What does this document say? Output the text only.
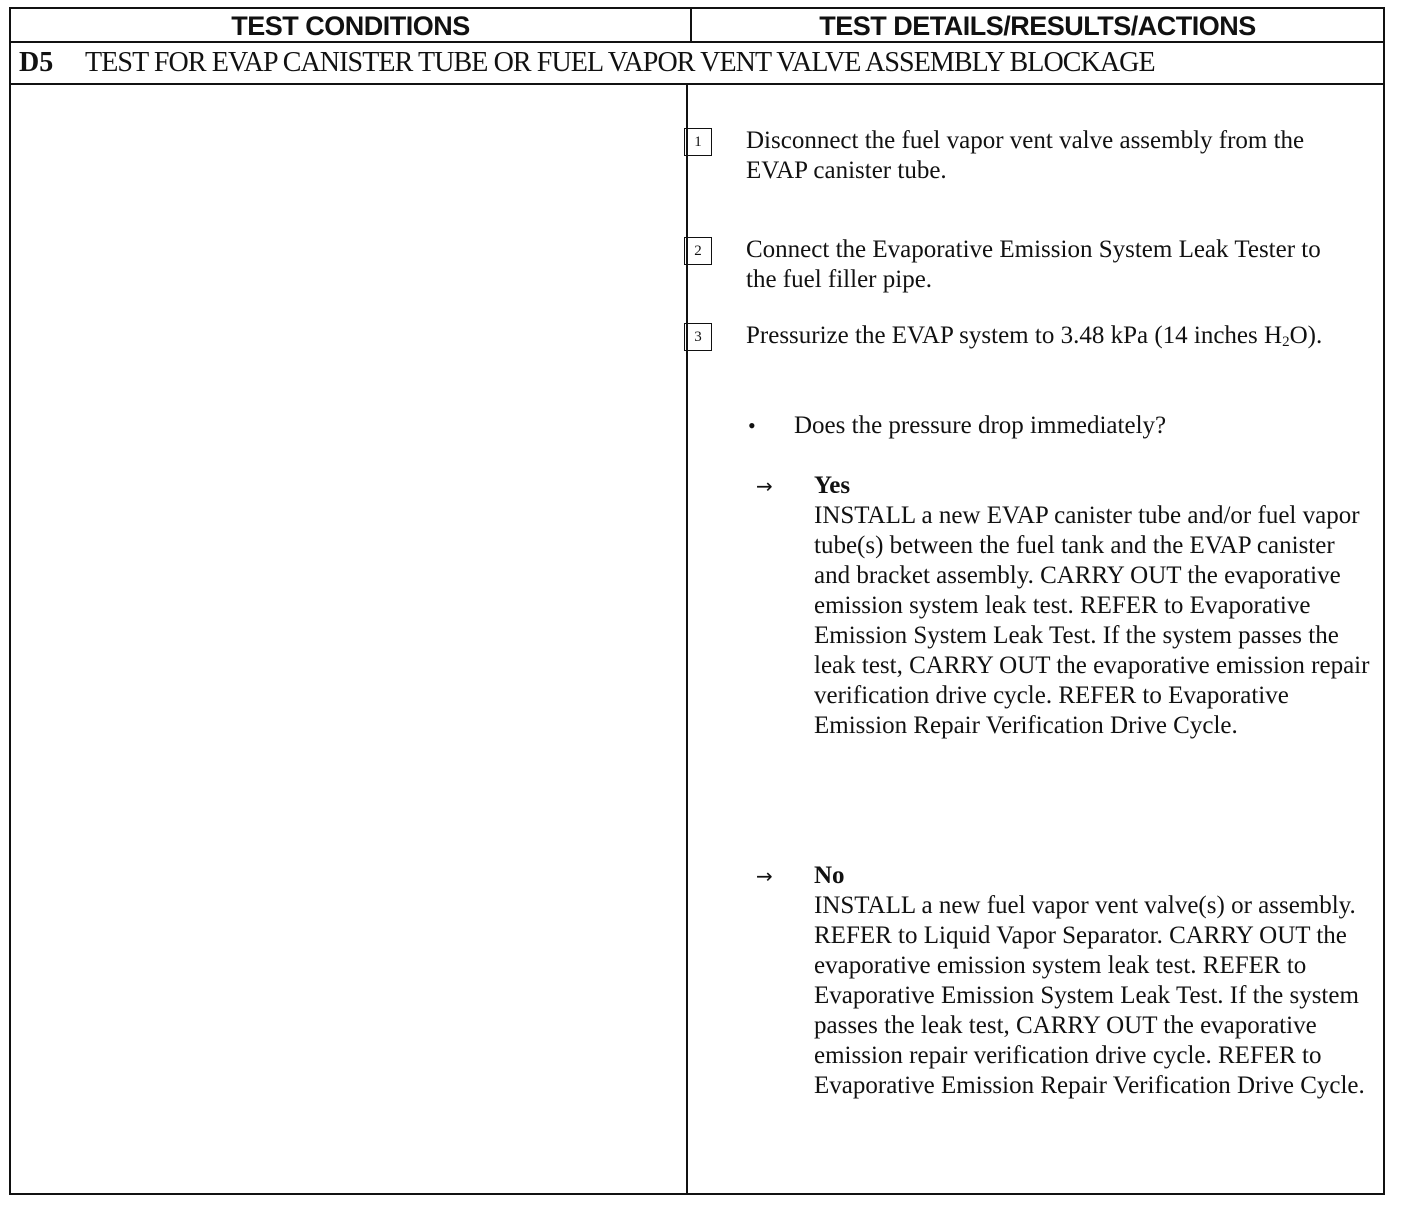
TEST CONDITIONS	TEST DETAILS/RESULTS/ACTIONS
D5 TEST FOR EVAP CANISTER TUBE OR FUEL VAPOR VENT VALVE ASSEMBLY BLOCKAGE
1	Disconnect the fuel vapor vent valve assembly from the EVAP canister tube.
2	Connect the Evaporative Emission System Leak Tester to the fuel filler pipe.
3	Pressurize the EVAP system to 3.48 kPa (14 inches $H_2O$).
• Does the pressure drop immediately?
→ Yes
INSTALL a new EVAP canister tube and/or fuel vapor tube(s) between the fuel tank and the EVAP canister and bracket assembly. CARRY OUT the evaporative emission system leak test. REFER to Evaporative Emission System Leak Test. If the system passes the leak test, CARRY OUT the evaporative emission repair verification drive cycle. REFER to Evaporative Emission Repair Verification Drive Cycle.
→ No
INSTALL a new fuel vapor vent valve(s) or assembly. REFER to Liquid Vapor Separator. CARRY OUT the evaporative emission system leak test. REFER to Evaporative Emission System Leak Test. If the system passes the leak test, CARRY OUT the evaporative emission repair verification drive cycle. REFER to Evaporative Emission Repair Verification Drive Cycle.
